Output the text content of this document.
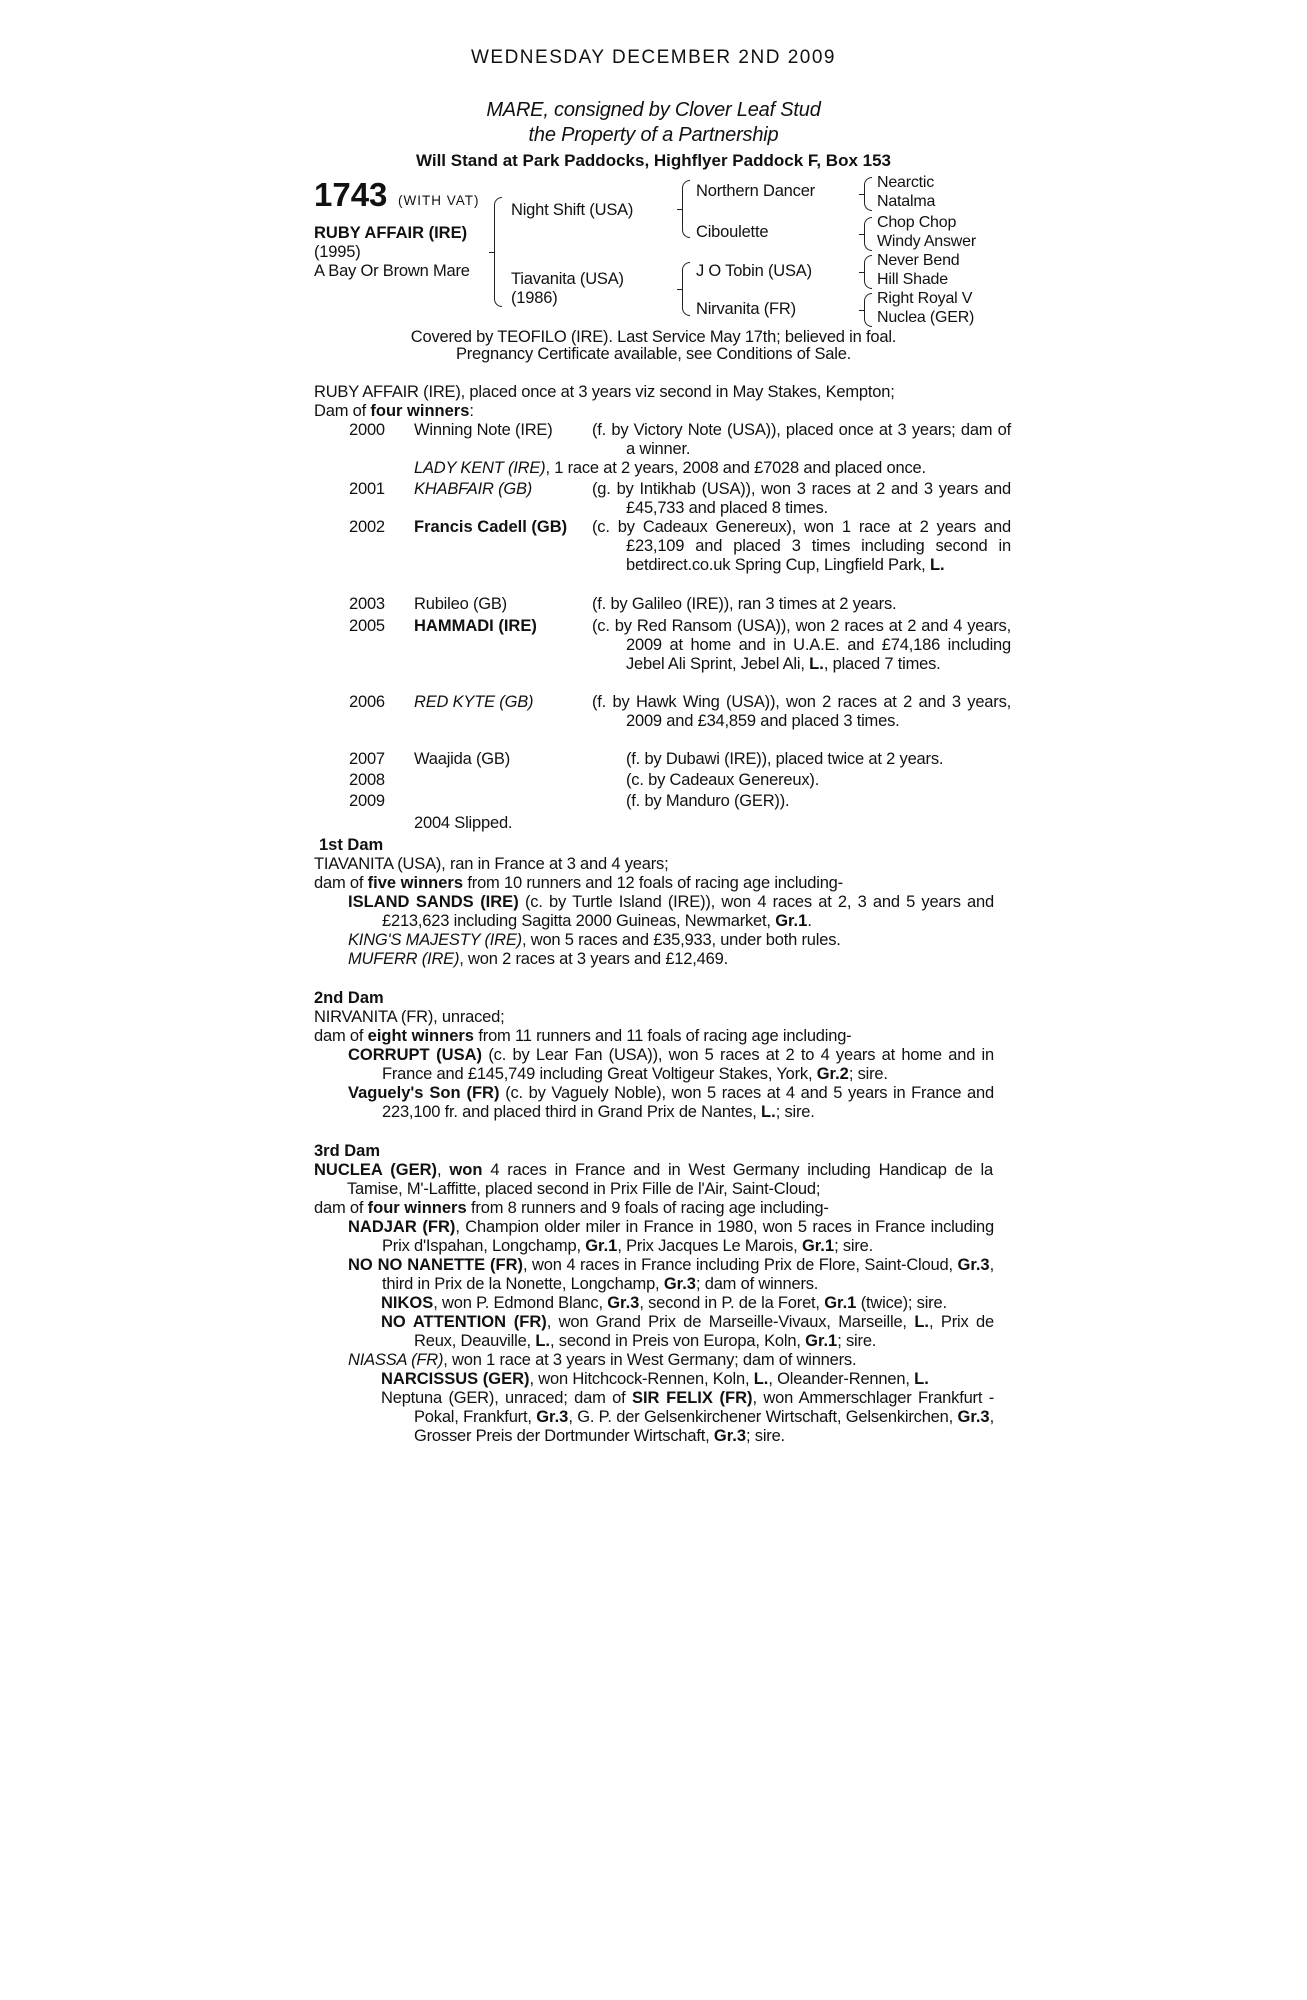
WEDNESDAY DECEMBER 2ND 2009
MARE, consigned by Clover Leaf Stud
the Property of a Partnership
Will Stand at Park Paddocks, Highflyer Paddock F, Box 153
1743 (WITH VAT)
RUBY AFFAIR (IRE)
(1995)
A Bay Or Brown Mare
Night Shift (USA)
Tiavanita (USA)
(1986)
Northern Dancer
Ciboulette
J O Tobin (USA)
Nirvanita (FR)
Nearctic
Natalma
Chop Chop
Windy Answer
Never Bend
Hill Shade
Right Royal V
Nuclea (GER)
Covered by TEOFILO (IRE). Last Service May 17th; believed in foal.
Pregnancy Certificate available, see Conditions of Sale.
RUBY AFFAIR (IRE), placed once at 3 years viz second in May Stakes, Kempton;
Dam of four winners:
2000 Winning Note (IRE) (f. by Victory Note (USA)), placed once at 3 years; dam of a winner.
LADY KENT (IRE), 1 race at 2 years, 2008 and £7028 and placed once.
2001 KHABFAIR (GB)	(g. by Intikhab (USA)), won 3 races at 2 and 3 years and £45,733 and placed 8 times.
2002 Francis Cadell (GB) (c. by Cadeaux Genereux), won 1 race at 2 years and £23,109 and placed 3 times including second in betdirect.co.uk Spring Cup, Lingfield Park, L.
2003 Rubileo (GB)	(f. by Galileo (IRE)), ran 3 times at 2 years.
2005 HAMMADI (IRE)	(c. by Red Ransom (USA)), won 2 races at 2 and 4 years, 2009 at home and in U.A.E. and £74,186 including Jebel Ali Sprint, Jebel Ali, L., placed 7 times.
2006 RED KYTE (GB)	(f. by Hawk Wing (USA)), won 2 races at 2 and 3 years, 2009 and £34,859 and placed 3 times.
2007 Waajida (GB)	(f. by Dubawi (IRE)), placed twice at 2 years.
2008	(c. by Cadeaux Genereux).
2009	(f. by Manduro (GER)).
2004 Slipped.
1st Dam
TIAVANITA (USA), ran in France at 3 and 4 years;
dam of five winners from 10 runners and 12 foals of racing age including-
ISLAND SANDS (IRE) (c. by Turtle Island (IRE)), won 4 races at 2, 3 and 5 years and £213,623 including Sagitta 2000 Guineas, Newmarket, Gr.1.
KING'S MAJESTY (IRE), won 5 races and £35,933, under both rules.
MUFERR (IRE), won 2 races at 3 years and £12,469.
2nd Dam
NIRVANITA (FR), unraced;
dam of eight winners from 11 runners and 11 foals of racing age including-
CORRUPT (USA) (c. by Lear Fan (USA)), won 5 races at 2 to 4 years at home and in France and £145,749 including Great Voltigeur Stakes, York, Gr.2; sire.
Vaguely's Son (FR) (c. by Vaguely Noble), won 5 races at 4 and 5 years in France and 223,100 fr. and placed third in Grand Prix de Nantes, L.; sire.
3rd Dam
NUCLEA (GER), won 4 races in France and in West Germany including Handicap de la Tamise, M'-Laffitte, placed second in Prix Fille de l'Air, Saint-Cloud;
dam of four winners from 8 runners and 9 foals of racing age including-
NADJAR (FR), Champion older miler in France in 1980, won 5 races in France including Prix d'Ispahan, Longchamp, Gr.1, Prix Jacques Le Marois, Gr.1; sire.
NO NO NANETTE (FR), won 4 races in France including Prix de Flore, Saint-Cloud, Gr.3, third in Prix de la Nonette, Longchamp, Gr.3; dam of winners.
NIKOS, won P. Edmond Blanc, Gr.3, second in P. de la Foret, Gr.1 (twice); sire.
NO ATTENTION (FR), won Grand Prix de Marseille-Vivaux, Marseille, L., Prix de Reux, Deauville, L., second in Preis von Europa, Koln, Gr.1; sire.
NIASSA (FR), won 1 race at 3 years in West Germany; dam of winners.
NARCISSUS (GER), won Hitchcock-Rennen, Koln, L., Oleander-Rennen, L.
Neptuna (GER), unraced; dam of SIR FELIX (FR), won Ammerschlager Frankfurt - Pokal, Frankfurt, Gr.3, G. P. der Gelsenkirchener Wirtschaft, Gelsenkirchen, Gr.3, Grosser Preis der Dortmunder Wirtschaft, Gr.3; sire.
